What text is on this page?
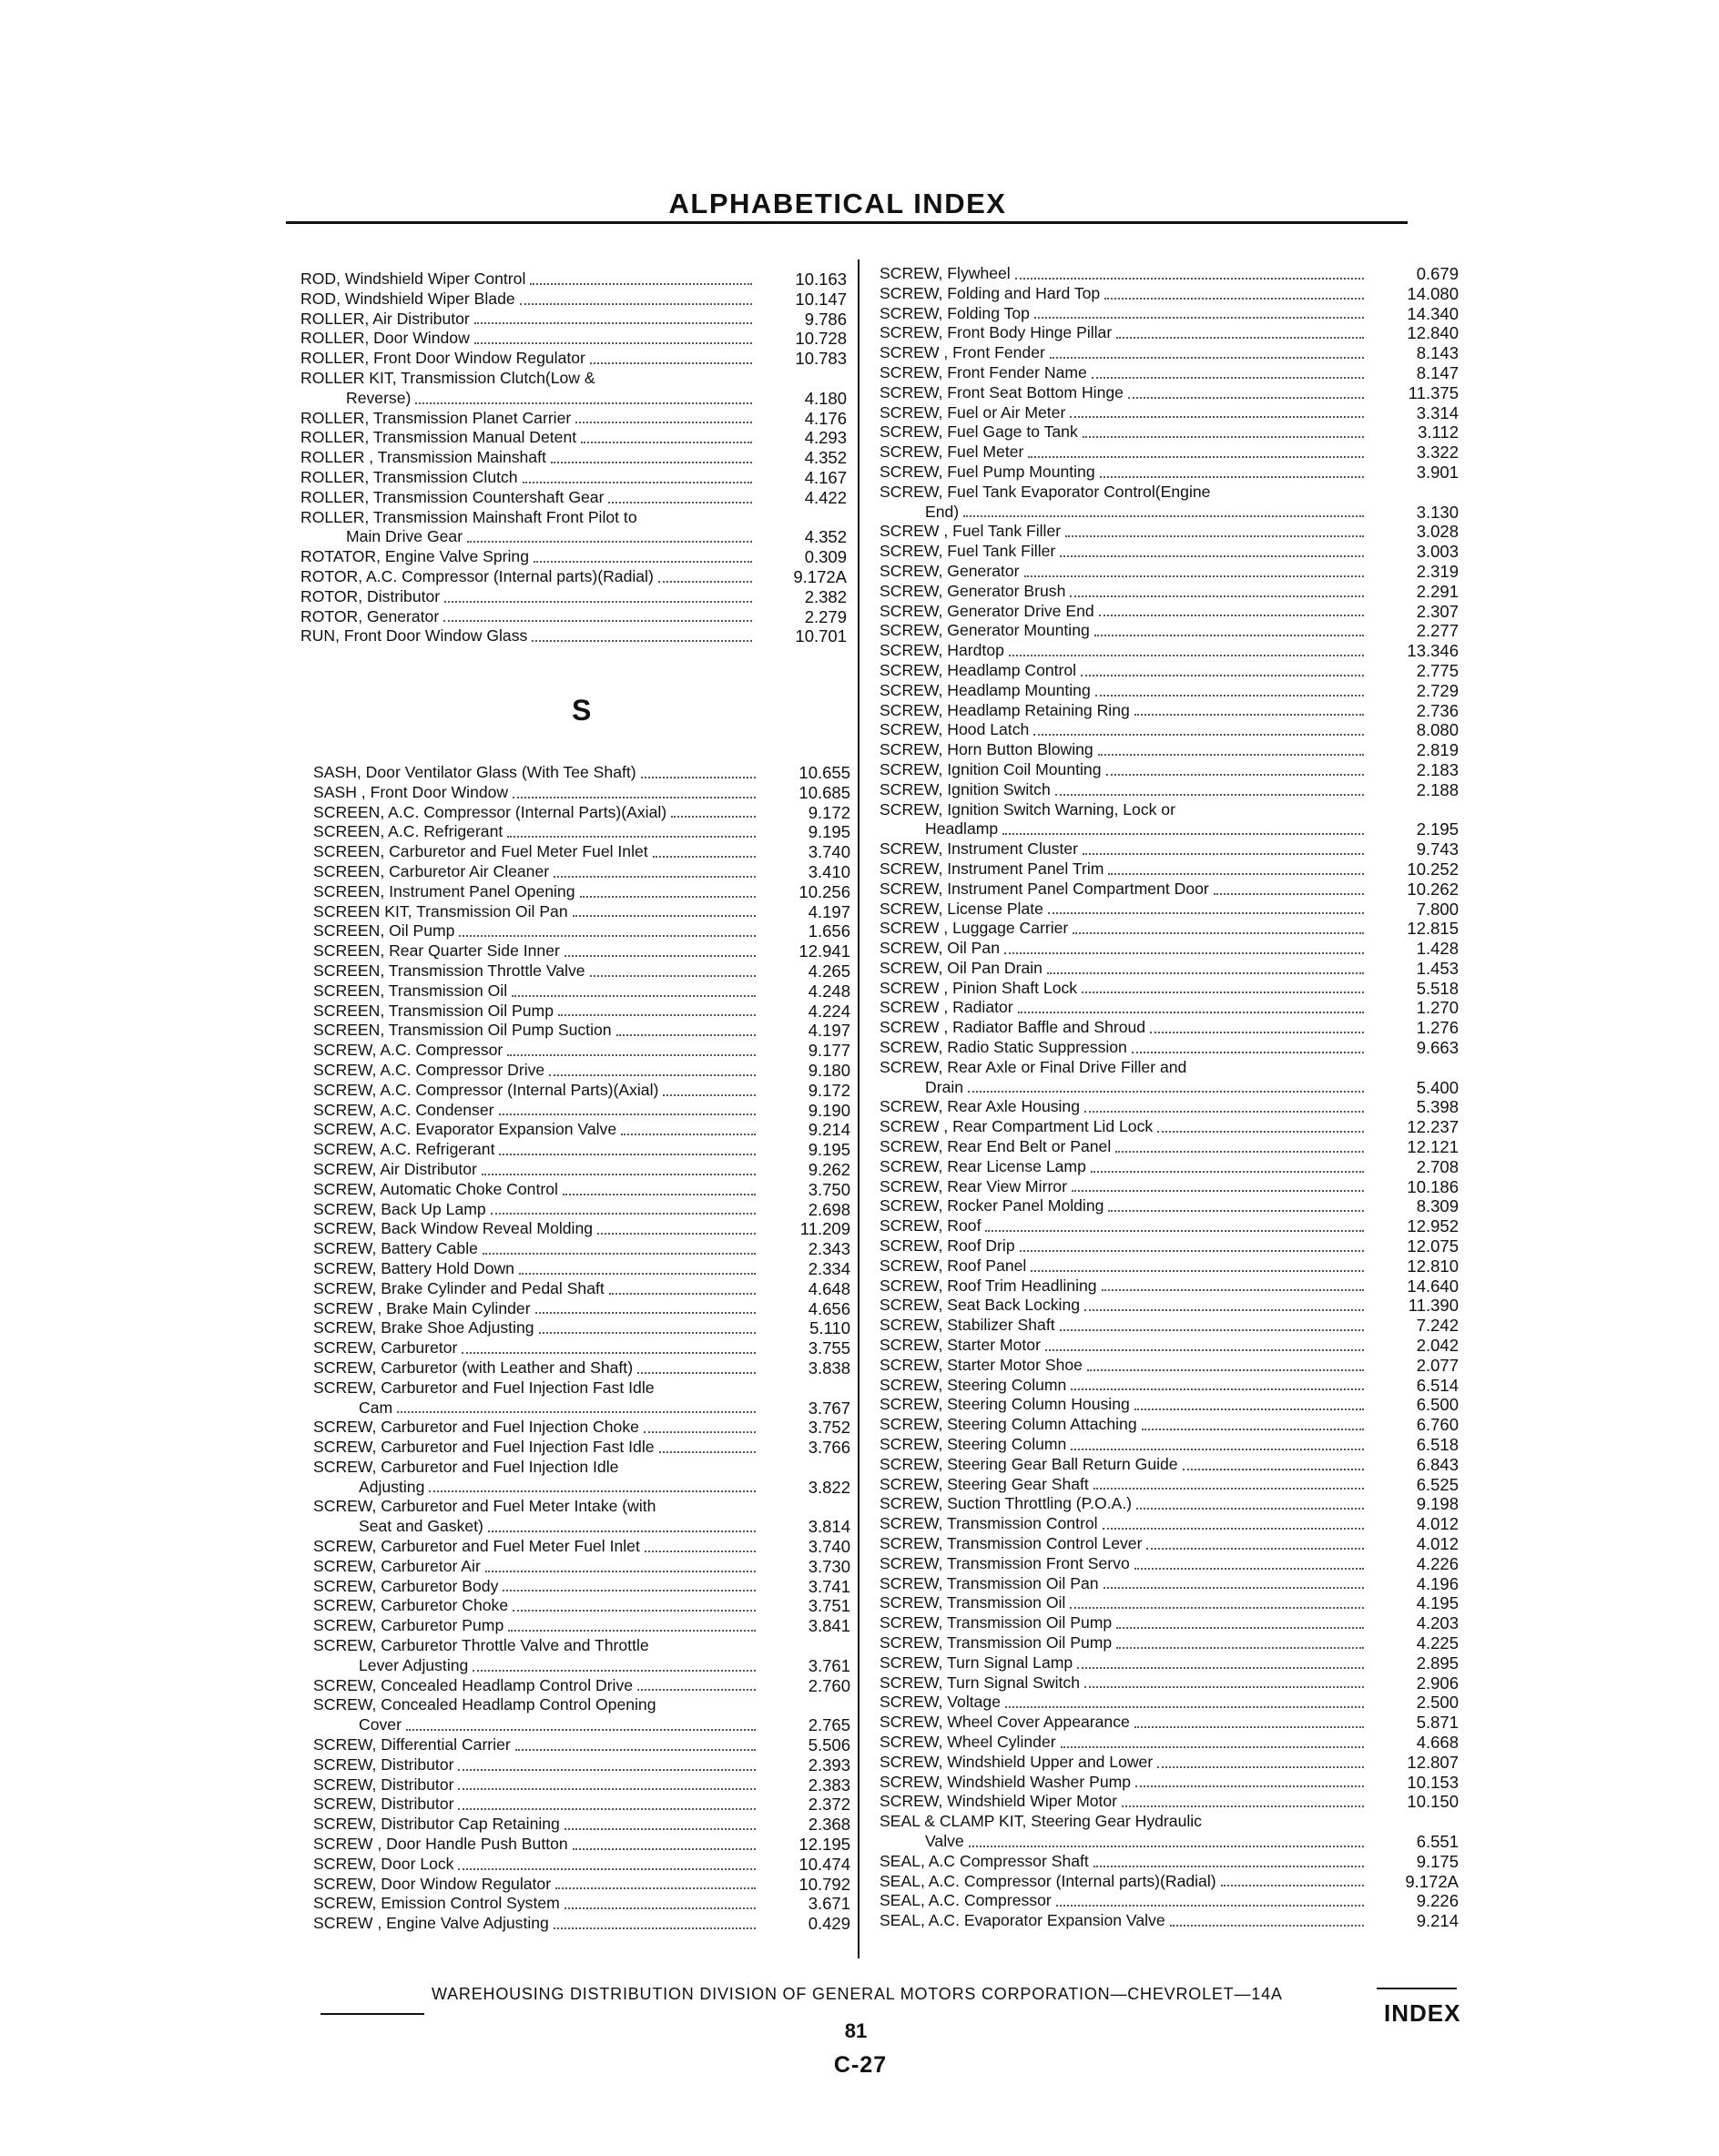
ALPHABETICAL INDEX
ROD, Windshield Wiper Control	10.163
ROD, Windshield Wiper Blade	10.147
ROLLER, Air Distributor	9.786
ROLLER, Door Window	10.728
ROLLER, Front Door Window Regulator	10.783
ROLLER KIT, Transmission Clutch(Low &
Reverse)	4.180
ROLLER, Transmission Planet Carrier	4.176
ROLLER, Transmission Manual Detent	4.293
ROLLER , Transmission Mainshaft	4.352
ROLLER, Transmission Clutch	4.167
ROLLER, Transmission Countershaft Gear	4.422
ROLLER, Transmission Mainshaft Front Pilot to
Main Drive Gear	4.352
ROTATOR, Engine Valve Spring	0.309
ROTOR, A.C. Compressor (Internal parts)(Radial)	9.172A
ROTOR, Distributor	2.382
ROTOR, Generator	2.279
RUN, Front Door Window Glass	10.701
S
SASH, Door Ventilator Glass (With Tee Shaft)	10.655
SASH , Front Door Window	10.685
SCREEN, A.C. Compressor (Internal Parts)(Axial)	9.172
SCREEN, A.C. Refrigerant	9.195
SCREEN, Carburetor and Fuel Meter Fuel Inlet	3.740
SCREEN, Carburetor Air Cleaner	3.410
SCREEN, Instrument Panel Opening	10.256
SCREEN KIT, Transmission Oil Pan	4.197
SCREEN, Oil Pump	1.656
SCREEN, Rear Quarter Side Inner	12.941
SCREEN, Transmission Throttle Valve	4.265
SCREEN, Transmission Oil	4.248
SCREEN, Transmission Oil Pump	4.224
SCREEN, Transmission Oil Pump Suction	4.197
SCREW, A.C. Compressor	9.177
SCREW, A.C. Compressor Drive	9.180
SCREW, A.C. Compressor (Internal Parts)(Axial)	9.172
SCREW, A.C. Condenser	9.190
SCREW, A.C. Evaporator Expansion Valve	9.214
SCREW, A.C. Refrigerant	9.195
SCREW, Air Distributor	9.262
SCREW, Automatic Choke Control	3.750
SCREW, Back Up Lamp	2.698
SCREW, Back Window Reveal Molding	11.209
SCREW, Battery Cable	2.343
SCREW, Battery Hold Down	2.334
SCREW, Brake Cylinder and Pedal Shaft	4.648
SCREW , Brake Main Cylinder	4.656
SCREW, Brake Shoe Adjusting	5.110
SCREW, Carburetor	3.755
SCREW, Carburetor (with Leather and Shaft)	3.838
SCREW, Carburetor and Fuel Injection Fast Idle
Cam	3.767
SCREW, Carburetor and Fuel Injection Choke	3.752
SCREW, Carburetor and Fuel Injection Fast Idle	3.766
SCREW, Carburetor and Fuel Injection Idle
Adjusting	3.822
SCREW, Carburetor and Fuel Meter Intake (with
Seat and Gasket)	3.814
SCREW, Carburetor and Fuel Meter Fuel Inlet	3.740
SCREW, Carburetor Air	3.730
SCREW, Carburetor Body	3.741
SCREW, Carburetor Choke	3.751
SCREW, Carburetor Pump	3.841
SCREW, Carburetor Throttle Valve and Throttle
Lever Adjusting	3.761
SCREW, Concealed Headlamp Control Drive	2.760
SCREW, Concealed Headlamp Control Opening
Cover	2.765
SCREW, Differential Carrier	5.506
SCREW, Distributor	2.393
SCREW, Distributor	2.383
SCREW, Distributor	2.372
SCREW, Distributor Cap Retaining	2.368
SCREW , Door Handle Push Button	12.195
SCREW, Door Lock	10.474
SCREW, Door Window Regulator	10.792
SCREW, Emission Control System	3.671
SCREW , Engine Valve Adjusting	0.429
SCREW, Flywheel	0.679
SCREW, Folding and Hard Top	14.080
SCREW, Folding Top	14.340
SCREW, Front Body Hinge Pillar	12.840
SCREW , Front Fender	8.143
SCREW, Front Fender Name	8.147
SCREW, Front Seat Bottom Hinge	11.375
SCREW, Fuel or Air Meter	3.314
SCREW, Fuel Gage to Tank	3.112
SCREW, Fuel Meter	3.322
SCREW, Fuel Pump Mounting	3.901
SCREW, Fuel Tank Evaporator Control(Engine
End)	3.130
SCREW , Fuel Tank Filler	3.028
SCREW, Fuel Tank Filler	3.003
SCREW, Generator	2.319
SCREW, Generator Brush	2.291
SCREW, Generator Drive End	2.307
SCREW, Generator Mounting	2.277
SCREW, Hardtop	13.346
SCREW, Headlamp Control	2.775
SCREW, Headlamp Mounting	2.729
SCREW, Headlamp Retaining Ring	2.736
SCREW, Hood Latch	8.080
SCREW, Horn Button Blowing	2.819
SCREW, Ignition Coil Mounting	2.183
SCREW, Ignition Switch	2.188
SCREW, Ignition Switch Warning, Lock or
Headlamp	2.195
SCREW, Instrument Cluster	9.743
SCREW, Instrument Panel Trim	10.252
SCREW, Instrument Panel Compartment Door	10.262
SCREW, License Plate	7.800
SCREW , Luggage Carrier	12.815
SCREW, Oil Pan	1.428
SCREW, Oil Pan Drain	1.453
SCREW , Pinion Shaft Lock	5.518
SCREW , Radiator	1.270
SCREW , Radiator Baffle and Shroud	1.276
SCREW, Radio Static Suppression	9.663
SCREW, Rear Axle or Final Drive Filler and
Drain	5.400
SCREW, Rear Axle Housing	5.398
SCREW , Rear Compartment Lid Lock	12.237
SCREW, Rear End Belt or Panel	12.121
SCREW, Rear License Lamp	2.708
SCREW, Rear View Mirror	10.186
SCREW, Rocker Panel Molding	8.309
SCREW, Roof	12.952
SCREW, Roof Drip	12.075
SCREW, Roof Panel	12.810
SCREW, Roof Trim Headlining	14.640
SCREW, Seat Back Locking	11.390
SCREW, Stabilizer Shaft	7.242
SCREW, Starter Motor	2.042
SCREW, Starter Motor Shoe	2.077
SCREW, Steering Column	6.514
SCREW, Steering Column Housing	6.500
SCREW, Steering Column Attaching	6.760
SCREW, Steering Column	6.518
SCREW, Steering Gear Ball Return Guide	6.843
SCREW, Steering Gear Shaft	6.525
SCREW, Suction Throttling (P.O.A.)	9.198
SCREW, Transmission Control	4.012
SCREW, Transmission Control Lever	4.012
SCREW, Transmission Front Servo	4.226
SCREW, Transmission Oil Pan	4.196
SCREW, Transmission Oil	4.195
SCREW, Transmission Oil Pump	4.203
SCREW, Transmission Oil Pump	4.225
SCREW, Turn Signal Lamp	2.895
SCREW, Turn Signal Switch	2.906
SCREW, Voltage	2.500
SCREW, Wheel Cover Appearance	5.871
SCREW, Wheel Cylinder	4.668
SCREW, Windshield Upper and Lower	12.807
SCREW, Windshield Washer Pump	10.153
SCREW, Windshield Wiper Motor	10.150
SEAL & CLAMP KIT, Steering Gear Hydraulic
Valve	6.551
SEAL, A.C Compressor Shaft	9.175
SEAL, A.C. Compressor (Internal parts)(Radial)	9.172A
SEAL, A.C. Compressor	9.226
SEAL, A.C. Evaporator Expansion Valve	9.214
WAREHOUSING DISTRIBUTION DIVISION OF GENERAL MOTORS CORPORATION—CHEVROLET—14A
INDEX
81
C-27
